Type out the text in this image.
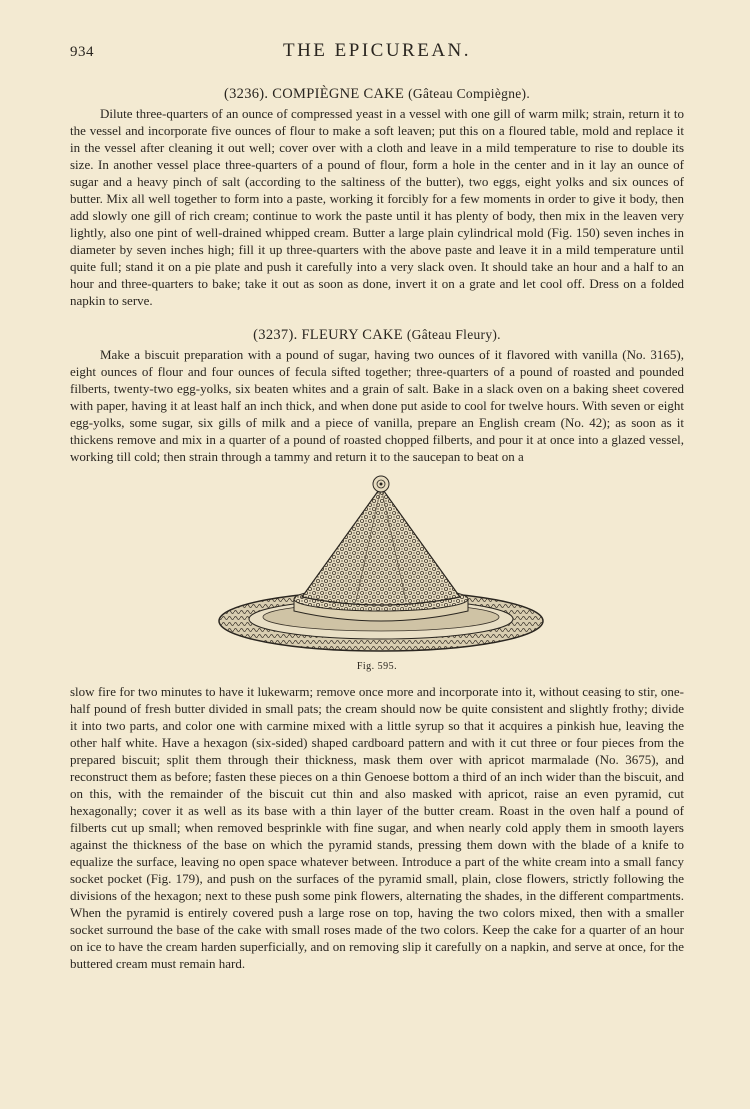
934	THE EPICUREAN.
(3236). COMPIÈGNE CAKE (Gâteau Compiègne).

Dilute three-quarters of an ounce of compressed yeast in a vessel with one gill of warm milk; strain, return it to the vessel and incorporate five ounces of flour to make a soft leaven; put this on a floured table, mold and replace it in the vessel after cleaning it out well; cover over with a cloth and leave in a mild temperature to rise to double its size. In another vessel place three-quarters of a pound of flour, form a hole in the center and in it lay an ounce of sugar and a heavy pinch of salt (according to the saltiness of the butter), two eggs, eight yolks and six ounces of butter. Mix all well together to form into a paste, working it forcibly for a few moments in order to give it body, then add slowly one gill of rich cream; continue to work the paste until it has plenty of body, then mix in the leaven very lightly, also one pint of well-drained whipped cream. Butter a large plain cylindrical mold (Fig. 150) seven inches in diameter by seven inches high; fill it up three-quarters with the above paste and leave it in a mild temperature until quite full; stand it on a pie plate and push it carefully into a very slack oven. It should take an hour and a half to an hour and three-quarters to bake; take it out as soon as done, invert it on a grate and let cool off. Dress on a folded napkin to serve.

(3237). FLEURY CAKE (Gâteau Fleury).

Make a biscuit preparation with a pound of sugar, having two ounces of it flavored with vanilla (No. 3165), eight ounces of flour and four ounces of fecula sifted together; three-quarters of a pound of roasted and pounded filberts, twenty-two egg-yolks, six beaten whites and a grain of salt. Bake in a slack oven on a baking sheet covered with paper, having it at least half an inch thick, and when done put aside to cool for twelve hours. With seven or eight egg-yolks, some sugar, six gills of milk and a piece of vanilla, prepare an English cream (No. 42); as soon as it thickens remove and mix in a quarter of a pound of roasted chopped filberts, and pour it at once into a glazed vessel, working till cold; then strain through a tammy and return it to the saucepan to beat on a

Fig. 595.

slow fire for two minutes to have it lukewarm; remove once more and incorporate into it, without ceasing to stir, one-half pound of fresh butter divided in small pats; the cream should now be quite consistent and slightly frothy; divide it into two parts, and color one with carmine mixed with a little syrup so that it acquires a pinkish hue, leaving the other half white. Have a hexagon (six-sided) shaped cardboard pattern and with it cut three or four pieces from the prepared biscuit; split them through their thickness, mask them over with apricot marmalade (No. 3675), and reconstruct them as before; fasten these pieces on a thin Genoese bottom a third of an inch wider than the biscuit, and on this, with the remainder of the biscuit cut thin and also masked with apricot, raise an even pyramid, cut hexagonally; cover it as well as its base with a thin layer of the butter cream. Roast in the oven half a pound of filberts cut up small; when removed besprinkle with fine sugar, and when nearly cold apply them in smooth layers against the thickness of the base on which the pyramid stands, pressing them down with the blade of a knife to equalize the surface, leaving no open space whatever between. Introduce a part of the white cream into a small fancy socket pocket (Fig. 179), and push on the surfaces of the pyramid small, plain, close flowers, strictly following the divisions of the hexagon; next to these push some pink flowers, alternating the shades, in the different compartments. When the pyramid is entirely covered push a large rose on top, having the two colors mixed, then with a smaller socket surround the base of the cake with small roses made of the two colors. Keep the cake for a quarter of an hour on ice to have the cream harden superficially, and on removing slip it carefully on a napkin, and serve at once, for the buttered cream must remain hard.
